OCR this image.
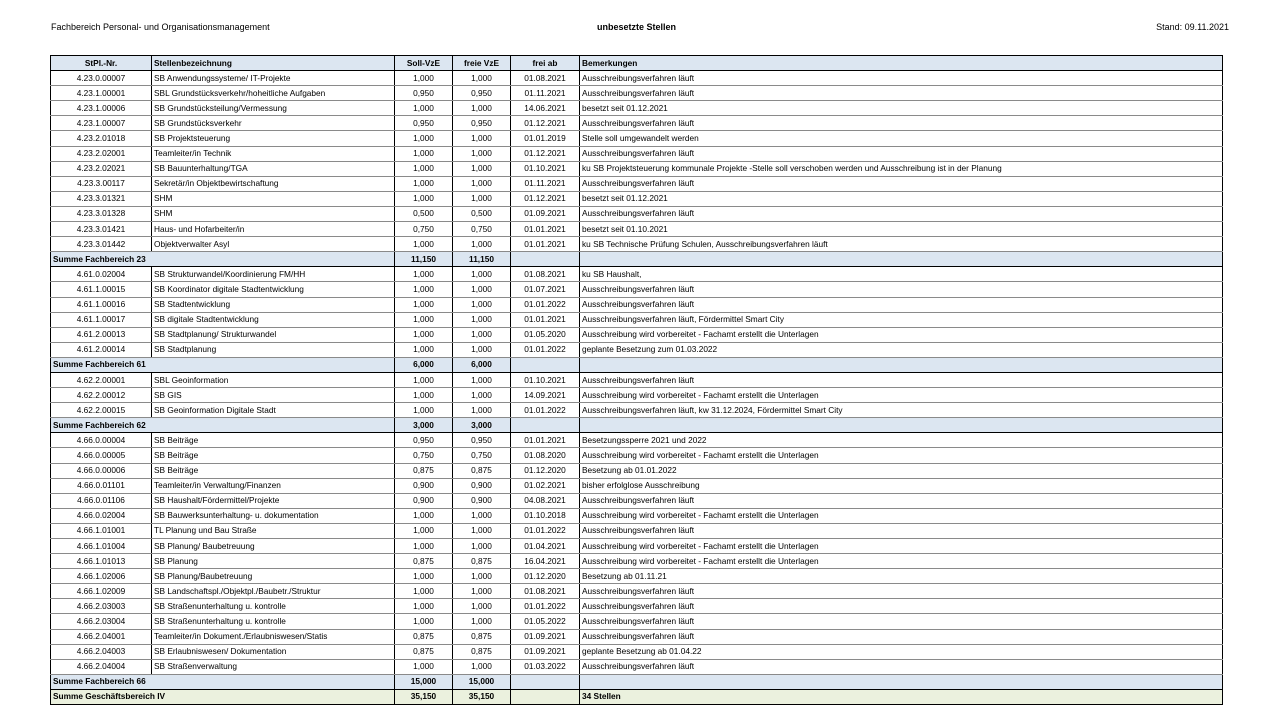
Fachbereich Personal- und Organisationsmanagement	unbesetzte Stellen	Stand: 09.11.2021
StPl.-Nr.	Stellenbezeichnung	Soll-VzE	freie VzE	frei ab	Bemerkungen
4.23.0.00007	SB Anwendungssysteme/ IT-Projekte	1,000	1,000	01.08.2021	Ausschreibungsverfahren läuft
4.23.1.00001	SBL Grundstücksverkehr/hoheitliche Aufgaben	0,950	0,950	01.11.2021	Ausschreibungsverfahren läuft
4.23.1.00006	SB Grundstücksteilung/Vermessung	1,000	1,000	14.06.2021	besetzt seit 01.12.2021
4.23.1.00007	SB Grundstücksverkehr	0,950	0,950	01.12.2021	Ausschreibungsverfahren läuft
4.23.2.01018	SB Projektsteuerung	1,000	1,000	01.01.2019	Stelle soll umgewandelt werden
4.23.2.02001	Teamleiter/in Technik	1,000	1,000	01.12.2021	Ausschreibungsverfahren läuft
4.23.2.02021	SB Bauunterhaltung/TGA	1,000	1,000	01.10.2021	ku SB Projektsteuerung kommunale Projekte -Stelle soll verschoben werden und Ausschreibung ist in der Planung
4.23.3.00117	Sekretär/in Objektbewirtschaftung	1,000	1,000	01.11.2021	Ausschreibungsverfahren läuft
4.23.3.01321	SHM	1,000	1,000	01.12.2021	besetzt seit 01.12.2021
4.23.3.01328	SHM	0,500	0,500	01.09.2021	Ausschreibungsverfahren läuft
4.23.3.01421	Haus- und Hofarbeiter/in	0,750	0,750	01.01.2021	besetzt seit 01.10.2021
4.23.3.01442	Objektverwalter Asyl	1,000	1,000	01.01.2021	ku SB Technische Prüfung Schulen, Ausschreibungsverfahren läuft
Summe Fachbereich 23		11,150	11,150		
4.61.0.02004	SB Strukturwandel/Koordinierung FM/HH	1,000	1,000	01.08.2021	ku SB Haushalt,
4.61.1.00015	SB Koordinator digitale Stadtentwicklung	1,000	1,000	01.07.2021	Ausschreibungsverfahren läuft
4.61.1.00016	SB Stadtentwicklung	1,000	1,000	01.01.2022	Ausschreibungsverfahren läuft
4.61.1.00017	SB digitale Stadtentwicklung	1,000	1,000	01.01.2021	Ausschreibungsverfahren läuft, Fördermittel Smart City
4.61.2.00013	SB Stadtplanung/ Strukturwandel	1,000	1,000	01.05.2020	Ausschreibung wird vorbereitet - Fachamt erstellt die Unterlagen
4.61.2.00014	SB Stadtplanung	1,000	1,000	01.01.2022	geplante Besetzung zum 01.03.2022
Summe Fachbereich 61		6,000	6,000		
4.62.2.00001	SBL Geoinformation	1,000	1,000	01.10.2021	Ausschreibungsverfahren läuft
4.62.2.00012	SB GIS	1,000	1,000	14.09.2021	Ausschreibung wird vorbereitet - Fachamt erstellt die Unterlagen
4.62.2.00015	SB Geoinformation Digitale Stadt	1,000	1,000	01.01.2022	Ausschreibungsverfahren läuft, kw 31.12.2024, Fördermittel Smart City
Summe Fachbereich 62		3,000	3,000		
4.66.0.00004	SB Beiträge	0,950	0,950	01.01.2021	Besetzungssperre 2021 und 2022
4.66.0.00005	SB Beiträge	0,750	0,750	01.08.2020	Ausschreibung wird vorbereitet - Fachamt erstellt die Unterlagen
4.66.0.00006	SB Beiträge	0,875	0,875	01.12.2020	Besetzung ab 01.01.2022
4.66.0.01101	Teamleiter/in Verwaltung/Finanzen	0,900	0,900	01.02.2021	bisher erfolglose Ausschreibung
4.66.0.01106	SB Haushalt/Fördermittel/Projekte	0,900	0,900	04.08.2021	Ausschreibungsverfahren läuft
4.66.0.02004	SB Bauwerksunterhaltung- u. dokumentation	1,000	1,000	01.10.2018	Ausschreibung wird vorbereitet - Fachamt erstellt die Unterlagen
4.66.1.01001	TL Planung und Bau Straße	1,000	1,000	01.01.2022	Ausschreibungsverfahren läuft
4.66.1.01004	SB Planung/ Baubetreuung	1,000	1,000	01.04.2021	Ausschreibung wird vorbereitet - Fachamt erstellt die Unterlagen
4.66.1.01013	SB Planung	0,875	0,875	16.04.2021	Ausschreibung wird vorbereitet - Fachamt erstellt die Unterlagen
4.66.1.02006	SB Planung/Baubetreuung	1,000	1,000	01.12.2020	Besetzung ab 01.11.21
4.66.1.02009	SB Landschaftspl./Objektpl./Baubetr./Struktur	1,000	1,000	01.08.2021	Ausschreibungsverfahren läuft
4.66.2.03003	SB Straßenunterhaltung u. kontrolle	1,000	1,000	01.01.2022	Ausschreibungsverfahren läuft
4.66.2.03004	SB Straßenunterhaltung u. kontrolle	1,000	1,000	01.05.2022	Ausschreibungsverfahren läuft
4.66.2.04001	Teamleiter/in Dokument./Erlaubniswesen/Statis	0,875	0,875	01.09.2021	Ausschreibungsverfahren läuft
4.66.2.04003	SB Erlaubniswesen/ Dokumentation	0,875	0,875	01.09.2021	geplante Besetzung ab 01.04.22
4.66.2.04004	SB Straßenverwaltung	1,000	1,000	01.03.2022	Ausschreibungsverfahren läuft
Summe Fachbereich 66		15,000	15,000		
Summe Geschäftsbereich IV		35,150	35,150		34 Stellen
